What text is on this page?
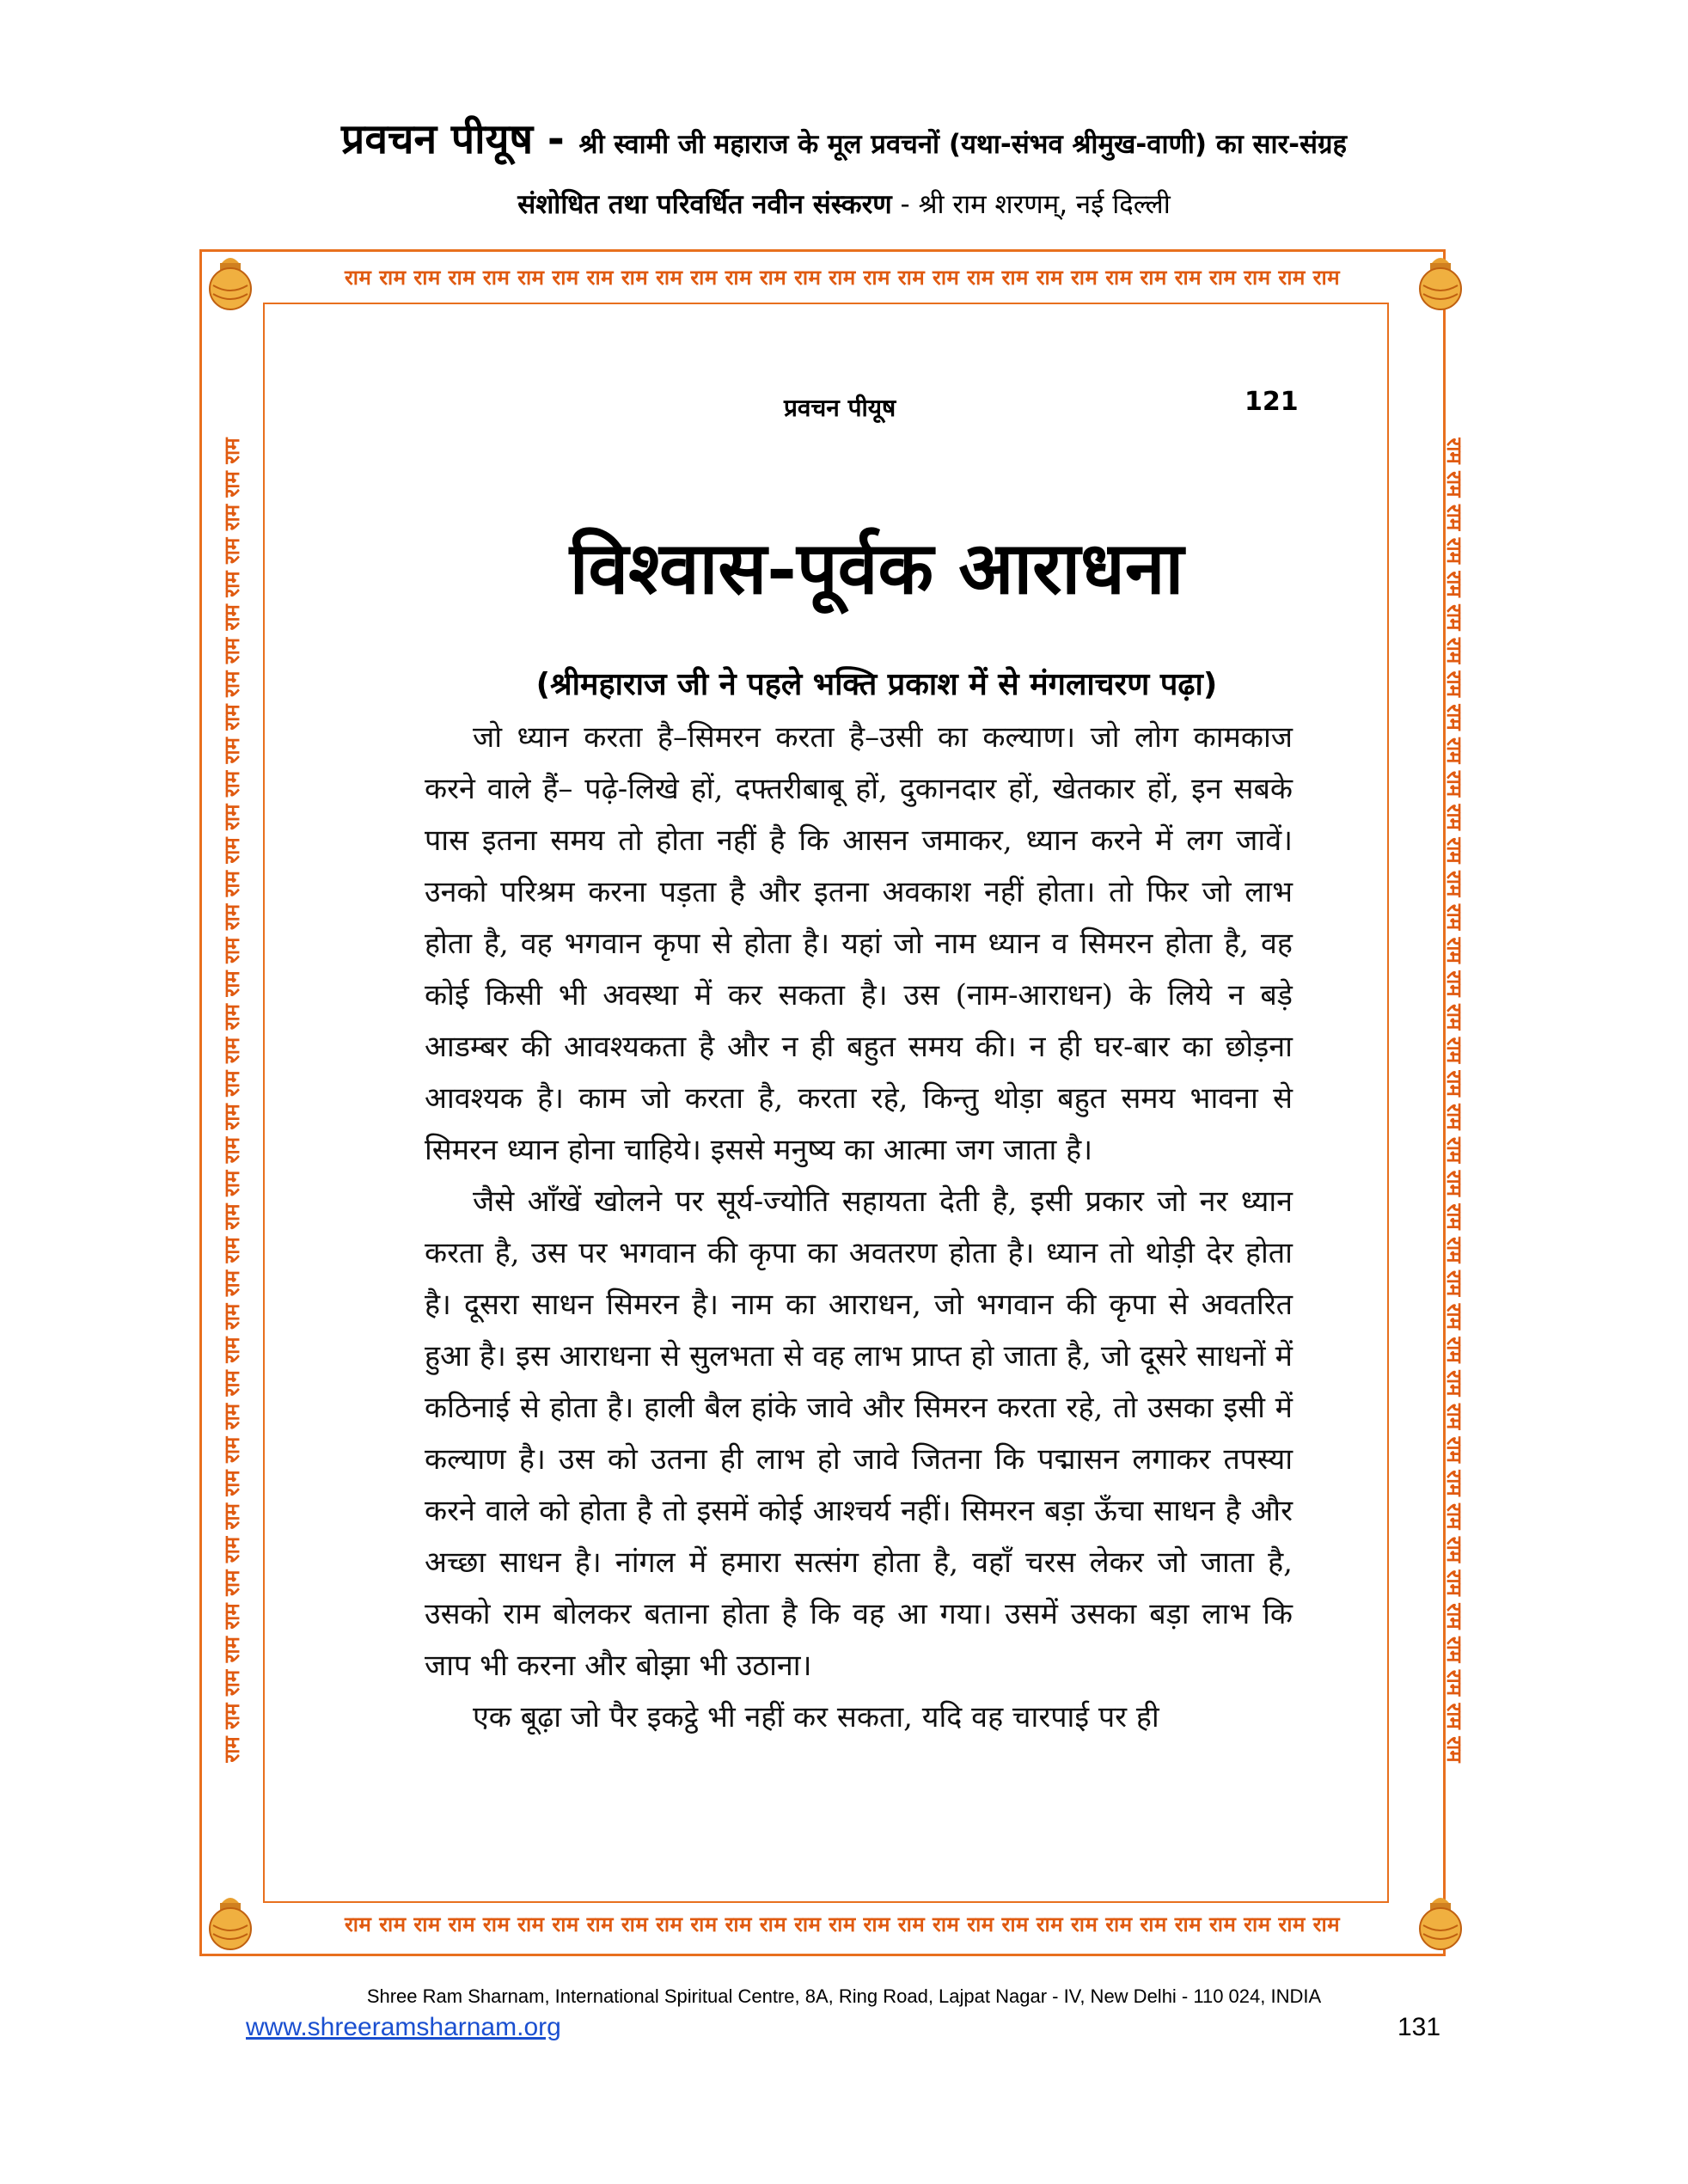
प्रवचन पीयूष - श्री स्वामी जी महाराज के मूल प्रवचनों (यथा-संभव श्रीमुख-वाणी) का सार-संग्रह
संशोधित तथा परिवर्धित नवीन संस्करण - श्री राम शरणम्, नई दिल्ली
राम राम राम राम राम राम राम राम राम राम राम राम राम राम राम राम राम राम राम राम राम राम राम राम राम राम राम राम राम
राम राम राम राम राम राम राम राम राम राम राम राम राम राम राम राम राम राम राम राम राम राम राम राम राम राम राम राम राम
राम राम राम राम राम राम राम राम राम राम राम राम राम राम राम राम राम राम राम राम राम राम राम राम राम राम राम राम राम राम राम राम राम राम राम राम राम राम राम राम	राम राम राम राम राम राम राम राम राम राम राम राम राम राम राम राम राम राम राम राम राम राम राम राम राम राम राम राम राम राम राम राम राम राम राम राम राम राम राम राम
प्रवचन पीयूष	121
विश्वास-पूर्वक आराधना
(श्रीमहाराज जी ने पहले भक्ति प्रकाश में से मंगलाचरण पढ़ा)

जो ध्यान करता है–सिमरन करता है–उसी का कल्याण। जो लोग कामकाज करने वाले हैं– पढ़े-लिखे हों, दफ्तरीबाबू हों, दुकानदार हों, खेतकार हों, इन सबके पास इतना समय तो होता नहीं है कि आसन जमाकर, ध्यान करने में लग जावें। उनको परिश्रम करना पड़ता है और इतना अवकाश नहीं होता। तो फिर जो लाभ होता है, वह भगवान कृपा से होता है। यहां जो नाम ध्यान व सिमरन होता है, वह कोई किसी भी अवस्था में कर सकता है। उस (नाम-आराधन) के लिये न बड़े आडम्बर की आवश्यकता है और न ही बहुत समय की। न ही घर-बार का छोड़ना आवश्यक है। काम जो करता है, करता रहे, किन्तु थोड़ा बहुत समय भावना से सिमरन ध्यान होना चाहिये। इससे मनुष्य का आत्मा जग जाता है।

जैसे आँखें खोलने पर सूर्य-ज्योति सहायता देती है, इसी प्रकार जो नर ध्यान करता है, उस पर भगवान की कृपा का अवतरण होता है। ध्यान तो थोड़ी देर होता है। दूसरा साधन सिमरन है। नाम का आराधन, जो भगवान की कृपा से अवतरित हुआ है। इस आराधना से सुलभता से वह लाभ प्राप्त हो जाता है, जो दूसरे साधनों में कठिनाई से होता है। हाली बैल हांके जावे और सिमरन करता रहे, तो उसका इसी में कल्याण है। उस को उतना ही लाभ हो जावे जितना कि पद्मासन लगाकर तपस्या करने वाले को होता है तो इसमें कोई आश्चर्य नहीं। सिमरन बड़ा ऊँचा साधन है और अच्छा साधन है। नांगल में हमारा सत्संग होता है, वहाँ चरस लेकर जो जाता है, उसको राम बोलकर बताना होता है कि वह आ गया। उसमें उसका बड़ा लाभ कि जाप भी करना और बोझा भी उठाना।

एक बूढ़ा जो पैर इकट्ठे भी नहीं कर सकता, यदि वह चारपाई पर ही

Shree Ram Sharnam, International Spiritual Centre, 8A, Ring Road, Lajpat Nagar - IV, New Delhi - 110 024, INDIA
www.shreeramsharnam.org	131
